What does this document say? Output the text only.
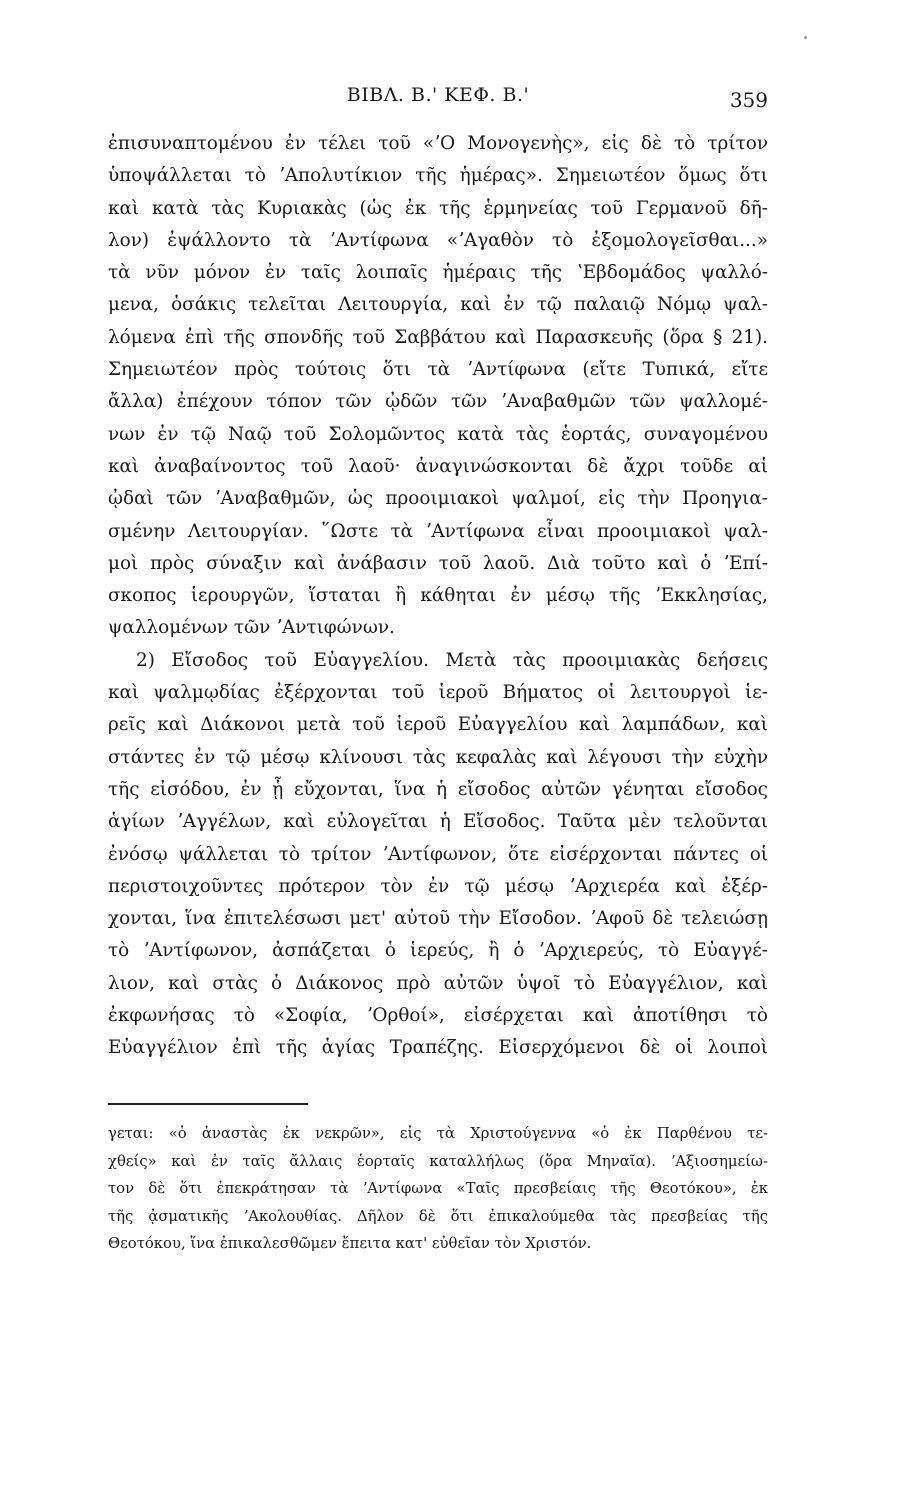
ΒΙΒΛ. Β.' ΚΕΦ. Β.'	359
ἐπισυναπτομένου ἐν τέλει τοῦ «ʼΟ Μονογενὴς», εἰς δὲ τὸ τρίτον
ὑποψάλλεται τὸ ʼΑπολυτίκιον τῆς ἡμέρας». Σημειωτέον ὅμως ὅτι
καὶ κατὰ τὰς Κυριακὰς (ὡς ἐκ τῆς ἑρμηνείας τοῦ Γερμανοῦ δῆ-
λον) ἐψάλλοντο τὰ ʼΑντίφωνα «ʼΑγαθὸν τὸ ἐξομολογεῖσθαι...»
τὰ νῦν μόνον ἐν ταῖς λοιπαῖς ἡμέραις τῆς ʽΕβδομάδος ψαλλό-
μενα, ὁσάκις τελεῖται Λειτουργία, καὶ ἐν τῷ παλαιῷ Νόμῳ ψαλ-
λόμενα ἐπὶ τῆς σπονδῆς τοῦ Σαββάτου καὶ Παρασκευῆς (ὅρα § 21).
Σημειωτέον πρὸς τούτοις ὅτι τὰ ʼΑντίφωνα (εἴτε Τυπικά, εἴτε
ἄλλα) ἐπέχουν τόπον τῶν ᾠδῶν τῶν ʼΑναβαθμῶν τῶν ψαλλομέ-
νων ἐν τῷ Ναῷ τοῦ Σολομῶντος κατὰ τὰς ἑορτάς, συναγομένου
καὶ ἀναβαίνοντος τοῦ λαοῦ· ἀναγινώσκονται δὲ ἄχρι τοῦδε αἱ
ᾠδαὶ τῶν ʼΑναβαθμῶν, ὡς προοιμιακοὶ ψαλμοί, εἰς τὴν Προηγια-
σμένην Λειτουργίαν. ῞Ωστε τὰ ʼΑντίφωνα εἶναι προοιμιακοὶ ψαλ-
μοὶ πρὸς σύναξιν καὶ ἀνάβασιν τοῦ λαοῦ. Διὰ τοῦτο καὶ ὁ ʼΕπί-
σκοπος ἱερουργῶν, ἵσταται ἢ κάθηται ἐν μέσῳ τῆς ʼΕκκλησίας,
ψαλλομένων τῶν ʼΑντιφώνων.
2) Εἴσοδος τοῦ Εὐαγγελίου. Μετὰ τὰς προοιμιακὰς δεήσεις
καὶ ψαλμῳδίας ἐξέρχονται τοῦ ἱεροῦ Βήματος οἱ λειτουργοὶ ἱε-
ρεῖς καὶ Διάκονοι μετὰ τοῦ ἱεροῦ Εὐαγγελίου καὶ λαμπάδων, καὶ
στάντες ἐν τῷ μέσῳ κλίνουσι τὰς κεφαλὰς καὶ λέγουσι τὴν εὐχὴν
τῆς εἰσόδου, ἐν ᾗ εὔχονται, ἵνα ἡ εἴσοδος αὐτῶν γένηται εἴσοδος
ἁγίων ʼΑγγέλων, καὶ εὐλογεῖται ἡ Εἴσοδος. Ταῦτα μὲν τελοῦνται
ἐνόσῳ ψάλλεται τὸ τρίτον ʼΑντίφωνον, ὅτε εἰσέρχονται πάντες οἱ
περιστοιχοῦντες πρότερον τὸν ἐν τῷ μέσῳ ʼΑρχιερέα καὶ ἐξέρ-
χονται, ἵνα ἐπιτελέσωσι μετ' αὐτοῦ τὴν Εἴσοδον. ʼΑφοῦ δὲ τελειώσῃ
τὸ ʼΑντίφωνον, ἀσπάζεται ὁ ἱερεύς, ἢ ὁ ʼΑρχιερεύς, τὸ Εὐαγγέ-
λιον, καὶ στὰς ὁ Διάκονος πρὸ αὐτῶν ὑψοῖ τὸ Εὐαγγέλιον, καὶ
ἐκφωνήσας τὸ «Σοφία, ʼΟρθοί», εἰσέρχεται καὶ ἀποτίθησι τὸ
Εὐαγγέλιον ἐπὶ τῆς ἁγίας Τραπέζης. Εἰσερχόμενοι δὲ οἱ λοιποὶ
γεται: «ὁ ἀναστὰς ἐκ νεκρῶν», εἰς τὰ Χριστούγεννα «ὁ ἐκ Παρθένου τε-
χθείς» καὶ ἐν ταῖς ἄλλαις ἑορταῖς καταλλήλως (ὅρα Μηναῖα). ʼΑξιοσημείω-
τον δὲ ὅτι ἐπεκράτησαν τὰ ʼΑντίφωνα «Ταῖς πρεσβείαις τῆς Θεοτόκου», ἐκ
τῆς ᾀσματικῆς ʼΑκολουθίας. Δῆλον δὲ ὅτι ἐπικαλούμεθα τὰς πρεσβείας τῆς
Θεοτόκου, ἵνα ἐπικαλεσθῶμεν ἔπειτα κατ' εὐθεῖαν τὸν Χριστόν.
